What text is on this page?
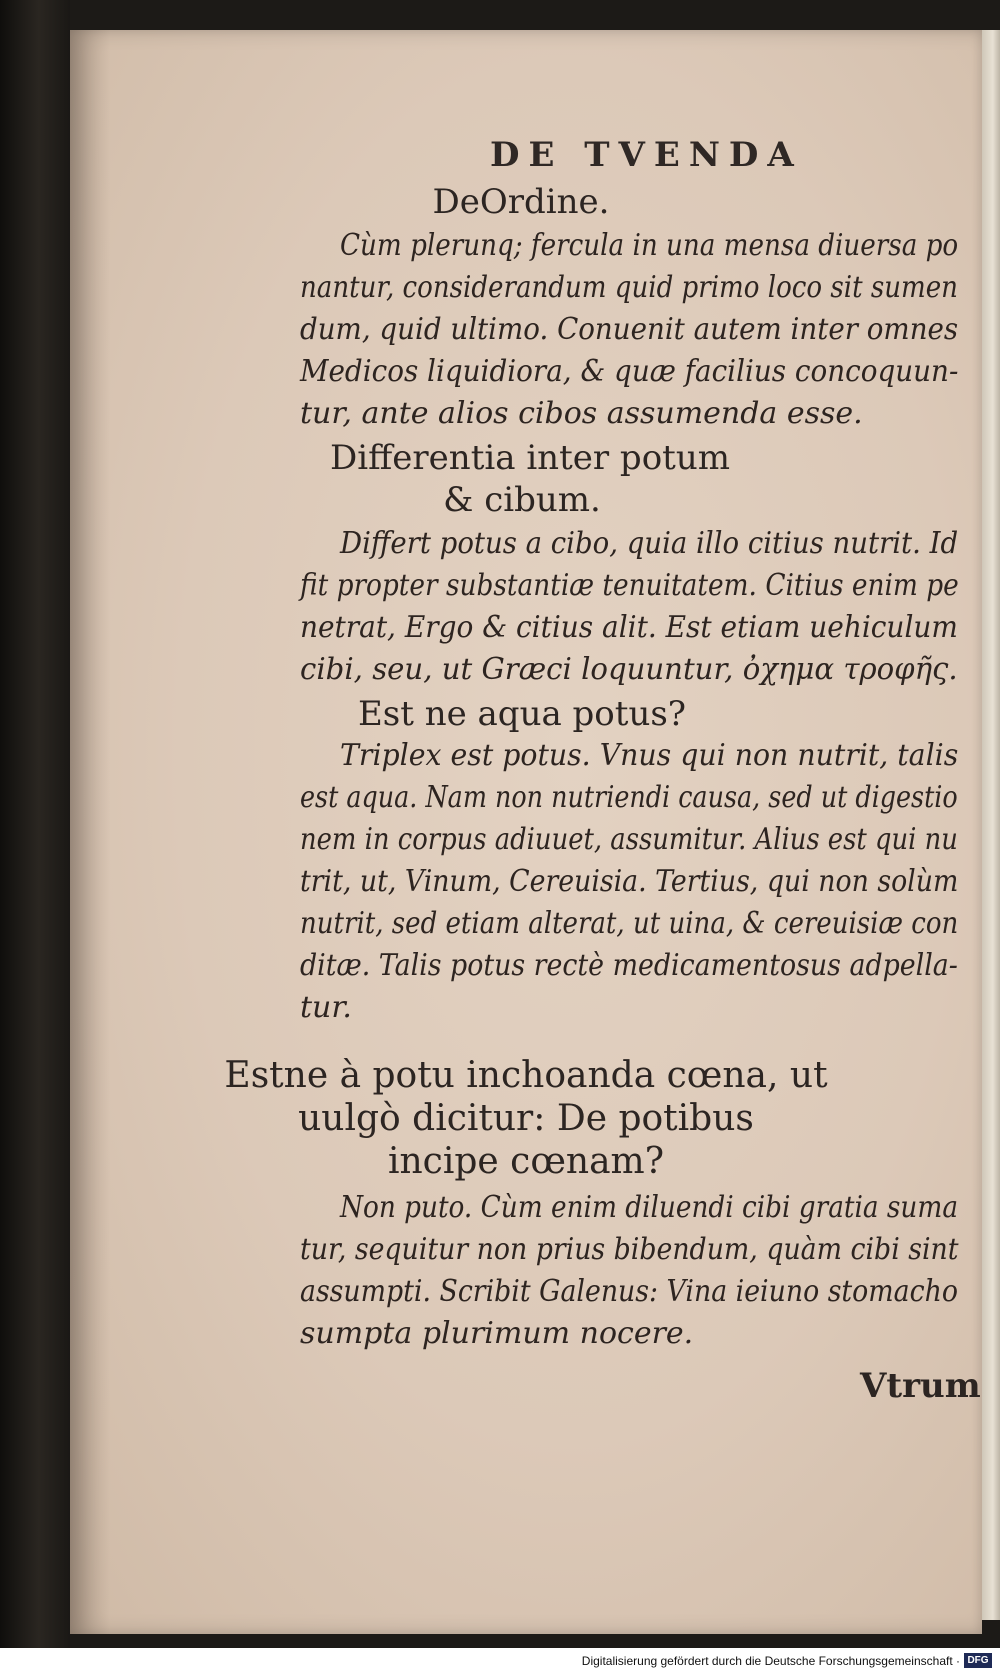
DE TVENDA
DeOrdine.
Cùm plerunq; fercula in una mensa diuersa po
nantur, considerandum quid primo loco sit sumen
dum, quid ultimo. Conuenit autem inter omnes
Medicos liquidiora, & quæ facilius concoquun-
tur, ante alios cibos assumenda esse.
Differentia inter potum
& cibum.
Differt potus a cibo, quia illo citius nutrit. Id
fit propter substantiæ tenuitatem. Citius enim pe
netrat, Ergo & citius alit. Est etiam uehiculum
cibi, seu, ut Græci loquuntur, ὀχημα τροφῆς.
Est ne aqua potus?
Triplex est potus. Vnus qui non nutrit, talis
est aqua. Nam non nutriendi causa, sed ut digestio
nem in corpus adiuuet, assumitur. Alius est qui nu
trit, ut, Vinum, Cereuisia. Tertius, qui non solùm
nutrit, sed etiam alterat, ut uina, & cereuisiæ con
ditæ. Talis potus rectè medicamentosus adpella-
tur.
Estne à potu inchoanda cœna, ut
uulgò dicitur: De potibus
incipe cœnam?
Non puto. Cùm enim diluendi cibi gratia suma
tur, sequitur non prius bibendum, quàm cibi sint
assumpti. Scribit Galenus: Vina ieiuno stomacho
sumpta plurimum nocere.
Vtrum
Digitalisierung gefördert durch die Deutsche Forschungsgemeinschaft · DFG
